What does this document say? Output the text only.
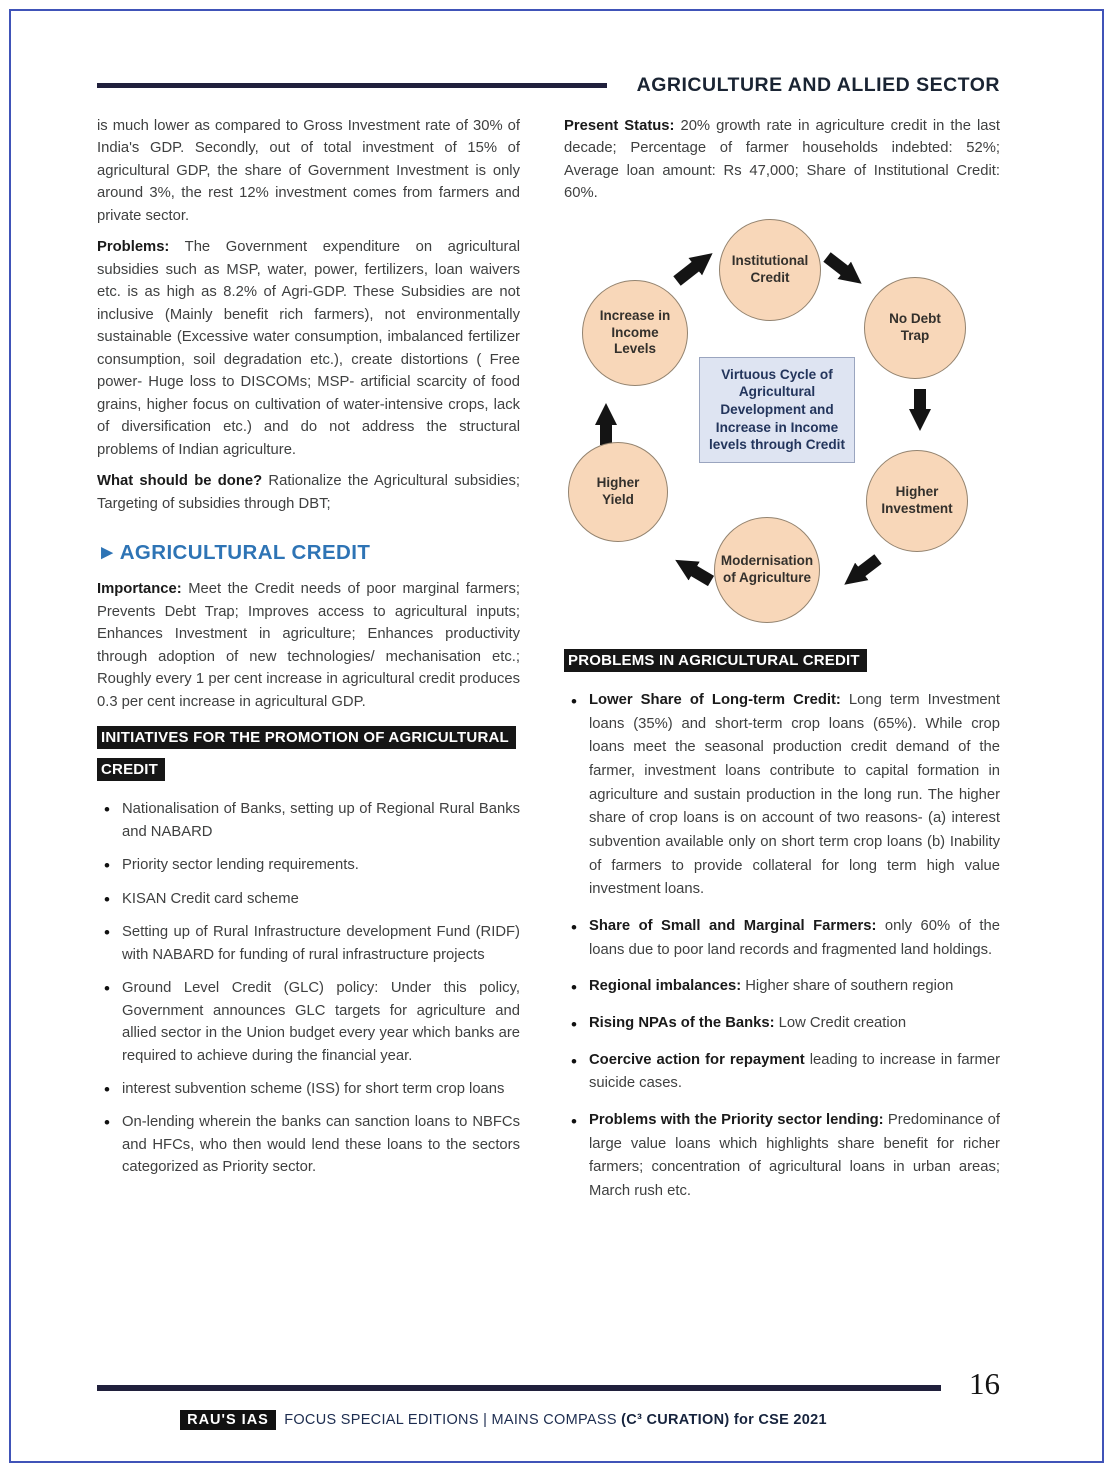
AGRICULTURE AND ALLIED SECTOR

is much lower as compared to Gross Investment rate of 30% of India's GDP. Secondly, out of total investment of 15% of agricultural GDP, the share of Government Investment is only around 3%, the rest 12% investment comes from farmers and private sector.

Problems: The Government expenditure on agricultural subsidies such as MSP, water, power, fertilizers, loan waivers etc. is as high as 8.2% of Agri-GDP. These Subsidies are not inclusive (Mainly benefit rich farmers), not environmentally sustainable (Excessive water consumption, imbalanced fertilizer consumption, soil degradation etc.), create distortions ( Free power- Huge loss to DISCOMs; MSP- artificial scarcity of food grains, higher focus on cultivation of water-intensive crops, lack of diversification etc.) and do not address the structural problems of Indian agriculture.

What should be done? Rationalize the Agricultural subsidies; Targeting of subsidies through DBT;

►AGRICULTURAL CREDIT

Importance: Meet the Credit needs of poor marginal farmers; Prevents Debt Trap; Improves access to agricultural inputs; Enhances Investment in agriculture; Enhances productivity through adoption of new technologies/ mechanisation etc.; Roughly every 1 per cent increase in agricultural credit produces 0.3 per cent increase in agricultural GDP.

INITIATIVES FOR THE PROMOTION OF AGRICULTURAL CREDIT
• Nationalisation of Banks, setting up of Regional Rural Banks and NABARD
• Priority sector lending requirements.
• KISAN Credit card scheme
• Setting up of Rural Infrastructure development Fund (RIDF) with NABARD for funding of rural infrastructure projects
• Ground Level Credit (GLC) policy: Under this policy, Government announces GLC targets for agriculture and allied sector in the Union budget every year which banks are required to achieve during the financial year.
• interest subvention scheme (ISS) for short term crop loans
• On-lending wherein the banks can sanction loans to NBFCs and HFCs, who then would lend these loans to the sectors categorized as Priority sector.

Present Status: 20% growth rate in agriculture credit in the last decade; Percentage of farmer households indebted: 52%; Average loan amount: Rs 47,000; Share of Institutional Credit: 60%.

Institutional Credit
No Debt Trap
Higher Investment
Modernisation of Agriculture
Higher Yield
Increase in Income Levels
Virtuous Cycle of Agricultural Development and Increase in Income levels through Credit
PROBLEMS IN AGRICULTURAL CREDIT
• Lower Share of Long-term Credit: Long term Investment loans (35%) and short-term crop loans (65%). While crop loans meet the seasonal production credit demand of the farmer, investment loans contribute to capital formation in agriculture and sustain production in the long run. The higher share of crop loans is on account of two reasons- (a) interest subvention available only on short term crop loans (b) Inability of farmers to provide collateral for long term high value investment loans.
• Share of Small and Marginal Farmers: only 60% of the loans due to poor land records and fragmented land holdings.
• Regional imbalances: Higher share of southern region
• Rising NPAs of the Banks: Low Credit creation
• Coercive action for repayment leading to increase in farmer suicide cases.
• Problems with the Priority sector lending: Predominance of large value loans which highlights share benefit for richer farmers; concentration of agricultural loans in urban areas; March rush etc.
16
RAU'S IAS FOCUS SPECIAL EDITIONS | MAINS COMPASS (C³ CURATION) for CSE 2021
